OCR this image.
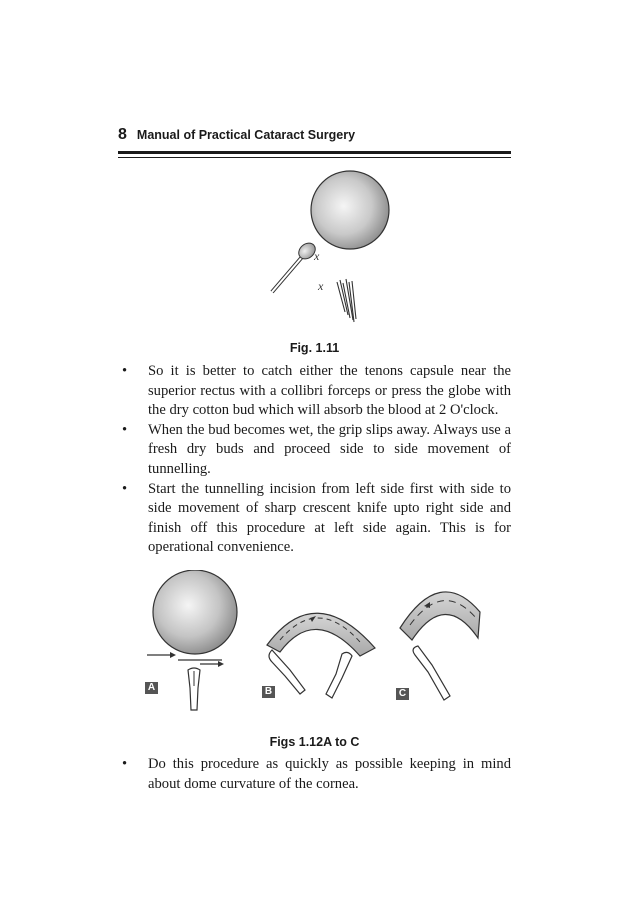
8 Manual of Practical Cataract Surgery
x
x
Fig. 1.11
• So it is better to catch either the tenons capsule near the superior rectus with a collibri forceps or press the globe with the dry cotton bud which will absorb the blood at 2 O'clock.
• When the bud becomes wet, the grip slips away. Always use a fresh dry buds and proceed side to side movement of tunnelling.
• Start the tunnelling incision from left side first with side to side movement of sharp crescent knife upto right side and finish off this procedure at left side again. This is for operational convenience.
A	B	C
Figs 1.12A to C
• Do this procedure as quickly as possible keeping in mind about dome curvature of the cornea.
